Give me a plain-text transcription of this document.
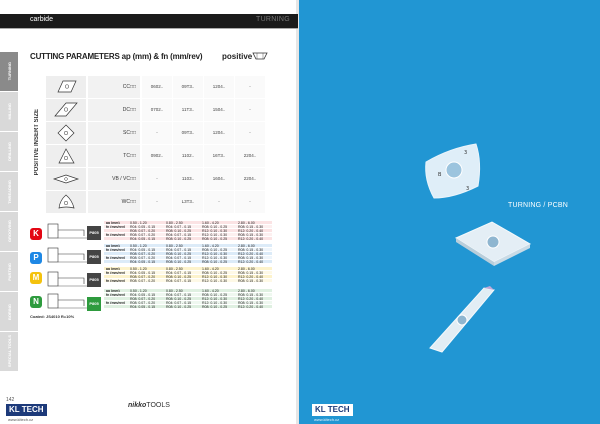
carbide	TURNING
TURNING
MILLING
DRILLING
THREADING
GROOVING
PARTING
BORING
SPECIAL TOOLS
CUTTING PARAMETERS ap (mm) & fn (mm/rev) positive
POSITIVE INSERT SIZE
CC□□	0602..	09T3..	1204..	-
DC□□	0702..	11T3..	1504..	-
SC□□	-	09T3..	1204..	-
TC□□	0902..	1102..	16T3..	2204..
VB / VC□□	-	1103..	1604..	2204..
WC□□	-	L3T3..	-	-
K
P
M
N
P805
P805
P805
P805
ap (mm)	0,50 - 1,20	0,80 - 2,50	1,60 - 4,20	2,80 - 6,00
fn (mm/rev)	R04: 0,05 - 0,15	R04: 0,07 - 0,15	R08: 0,10 - 0,25	R08: 0,15 - 0,30
R08: 0,07 - 0,20	R08: 0,10 - 0,25	R12: 0,10 - 0,30	R12: 0,20 - 0,40
fn (mm/rev)	R08: 0,07 - 0,20	R04: 0,07 - 0,15	R12: 0,10 - 0,30	R08: 0,15 - 0,30
R04: 0,05 - 0,15	R08: 0,10 - 0,25	R08: 0,10 - 0,25	R12: 0,20 - 0,40
ap (mm)	0,50 - 1,20	0,80 - 2,50	1,60 - 4,20	2,80 - 6,00
fn (mm/rev)	R04: 0,05 - 0,15	R04: 0,07 - 0,15	R08: 0,10 - 0,25	R08: 0,15 - 0,30
R08: 0,07 - 0,20	R08: 0,10 - 0,25	R12: 0,10 - 0,30	R12: 0,20 - 0,40
fn (mm/rev)	R08: 0,07 - 0,20	R04: 0,07 - 0,15	R12: 0,10 - 0,30	R08: 0,15 - 0,30
R04: 0,05 - 0,15	R08: 0,10 - 0,25	R08: 0,10 - 0,25	R12: 0,20 - 0,40
ap (mm)	0,50 - 1,20	0,80 - 2,50	1,60 - 4,20	2,80 - 6,00
fn (mm/rev)	R04: 0,05 - 0,15	R04: 0,07 - 0,15	R08: 0,10 - 0,25	R08: 0,15 - 0,30
R08: 0,07 - 0,20	R08: 0,10 - 0,25	R12: 0,10 - 0,30	R12: 0,20 - 0,40
fn (mm/rev)	R08: 0,07 - 0,20	R04: 0,07 - 0,15	R12: 0,10 - 0,30	R08: 0,15 - 0,30
ap (mm)	0,50 - 1,20	0,80 - 2,50	1,60 - 4,20	2,80 - 6,00
fn (mm/rev)	R04: 0,05 - 0,15	R04: 0,07 - 0,15	R08: 0,10 - 0,25	R08: 0,15 - 0,30
R08: 0,07 - 0,20	R08: 0,10 - 0,25	R12: 0,10 - 0,30	R12: 0,20 - 0,40
fn (mm/rev)	R08: 0,07 - 0,20	R04: 0,07 - 0,15	R12: 0,10 - 0,30	R08: 0,15 - 0,30
R04: 0,05 - 0,15	R08: 0,10 - 0,25	R08: 0,10 - 0,25	R12: 0,20 - 0,40
Coated: JS4010 R=10%
142
KL TECH
www.kltech.cz
nikkoTOOLS
TURNING / PCBN
B
3
3
KL TECH
www.kltech.cz
